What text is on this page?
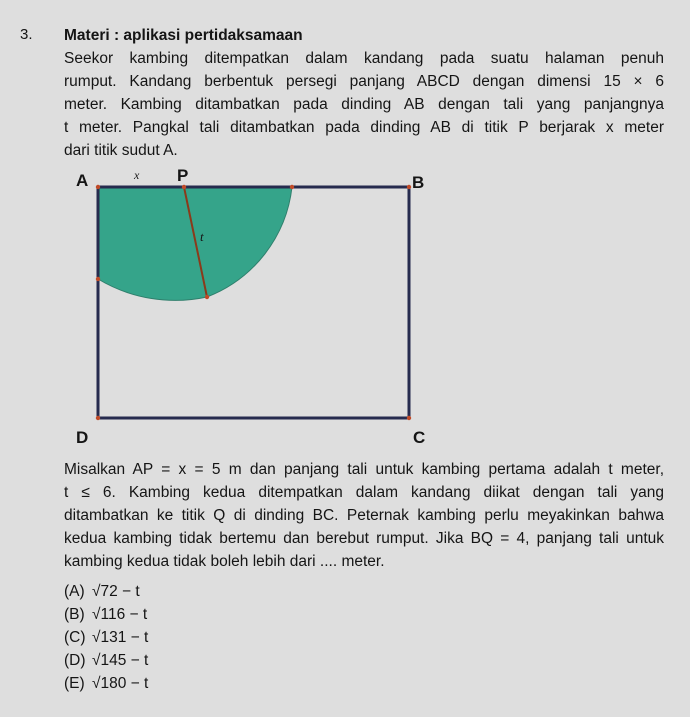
3. Materi : aplikasi pertidaksamaan

Seekor kambing ditempatkan dalam kandang pada suatu halaman penuh
rumput. Kandang berbentuk persegi panjang ABCD dengan dimensi 15 × 6
meter. Kambing ditambatkan pada dinding AB dengan tali yang panjangnya
t meter. Pangkal tali ditambatkan pada dinding AB di titik P berjarak x meter
dari titik sudut A.

A	x P	B
t
D	C

Misalkan AP = x = 5 m dan panjang tali untuk kambing pertama adalah t meter,
t ≤ 6. Kambing kedua ditempatkan dalam kandang diikat dengan tali yang
ditambatkan ke titik Q di dinding BC. Peternak kambing perlu meyakinkan bahwa
kedua kambing tidak bertemu dan berebut rumput. Jika BQ = 4, panjang tali untuk
kambing kedua tidak boleh lebih dari .... meter.

(A) √72 − t
(B) √116 − t
(C) √131 − t
(D) √145 − t
(E) √180 − t
